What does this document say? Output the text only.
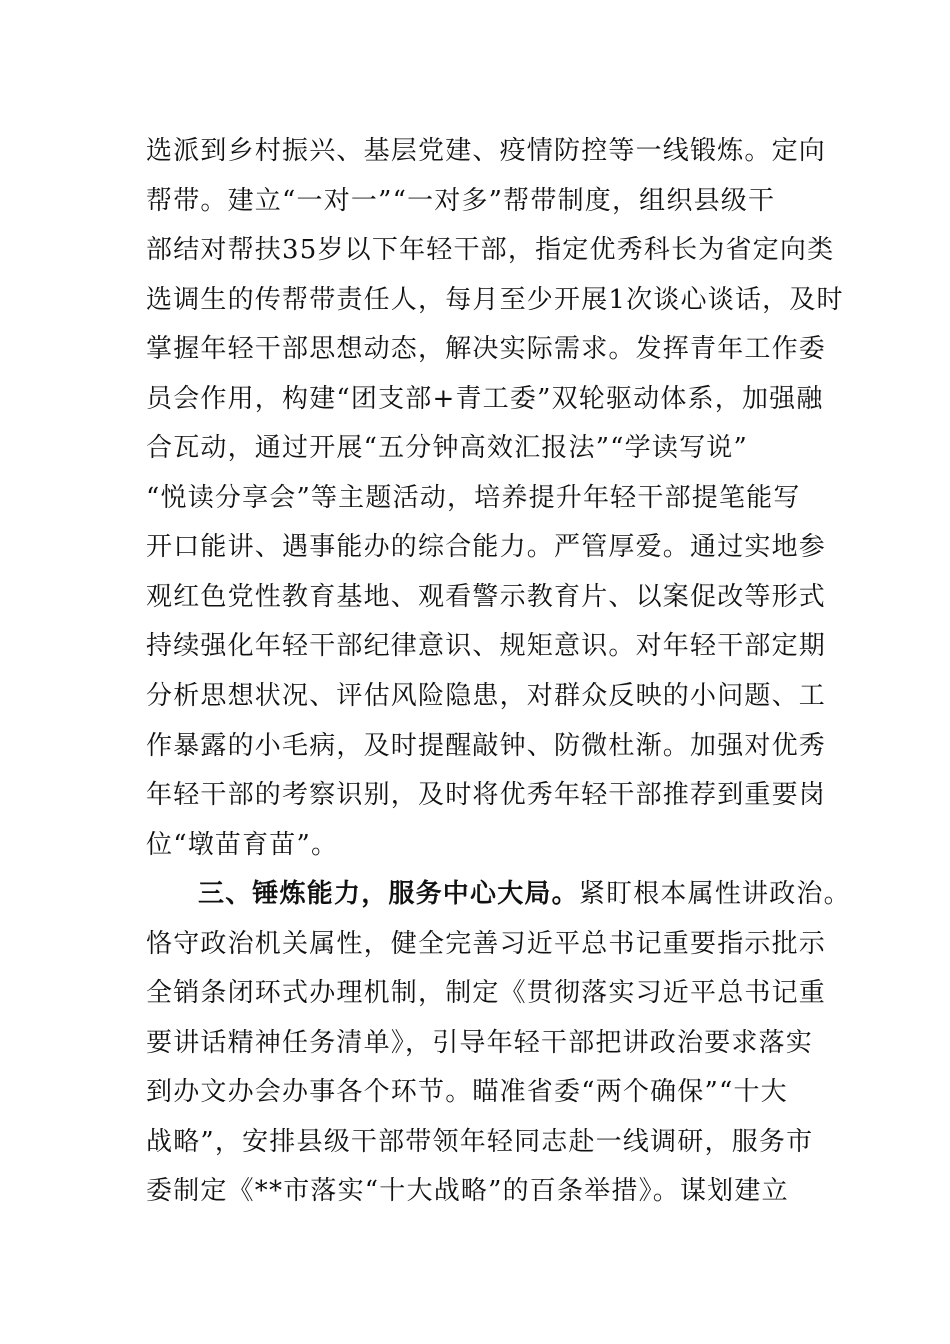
选派到乡村振兴、基层党建、疫情防控等一线锻炼。定向
帮带。建立“一对一”“一对多”帮带制度，组织县级干
部结对帮扶35岁以下年轻干部，指定优秀科长为省定向类
选调生的传帮带责任人，每月至少开展1次谈心谈话，及时
掌握年轻干部思想动态，解决实际需求。发挥青年工作委
员会作用，构建“团支部+青工委”双轮驱动体系，加强融
合瓦动，通过开展“五分钟高效汇报法”“学读写说”
“悦读分享会”等主题活动，培养提升年轻干部提笔能写
开口能讲、遇事能办的综合能力。严管厚爱。通过实地参
观红色党性教育基地、观看警示教育片、以案促改等形式
持续强化年轻干部纪律意识、规矩意识。对年轻干部定期
分析思想状况、评估风险隐患，对群众反映的小问题、工
作暴露的小毛病，及时提醒敲钟、防微杜渐。加强对优秀
年轻干部的考察识别，及时将优秀年轻干部推荐到重要岗
位“墩苗育苗”。
三、锤炼能力，服务中心大局。紧盯根本属性讲政治。
恪守政治机关属性，健全完善习近平总书记重要指示批示
全销条闭环式办理机制，制定《贯彻落实习近平总书记重
要讲话精神任务清单》，引导年轻干部把讲政治要求落实
到办文办会办事各个环节。瞄准省委“两个确保”“十大
战略”，安排县级干部带领年轻同志赴一线调研，服务市
委制定《**市落实“十大战略”的百条举措》。谋划建立
